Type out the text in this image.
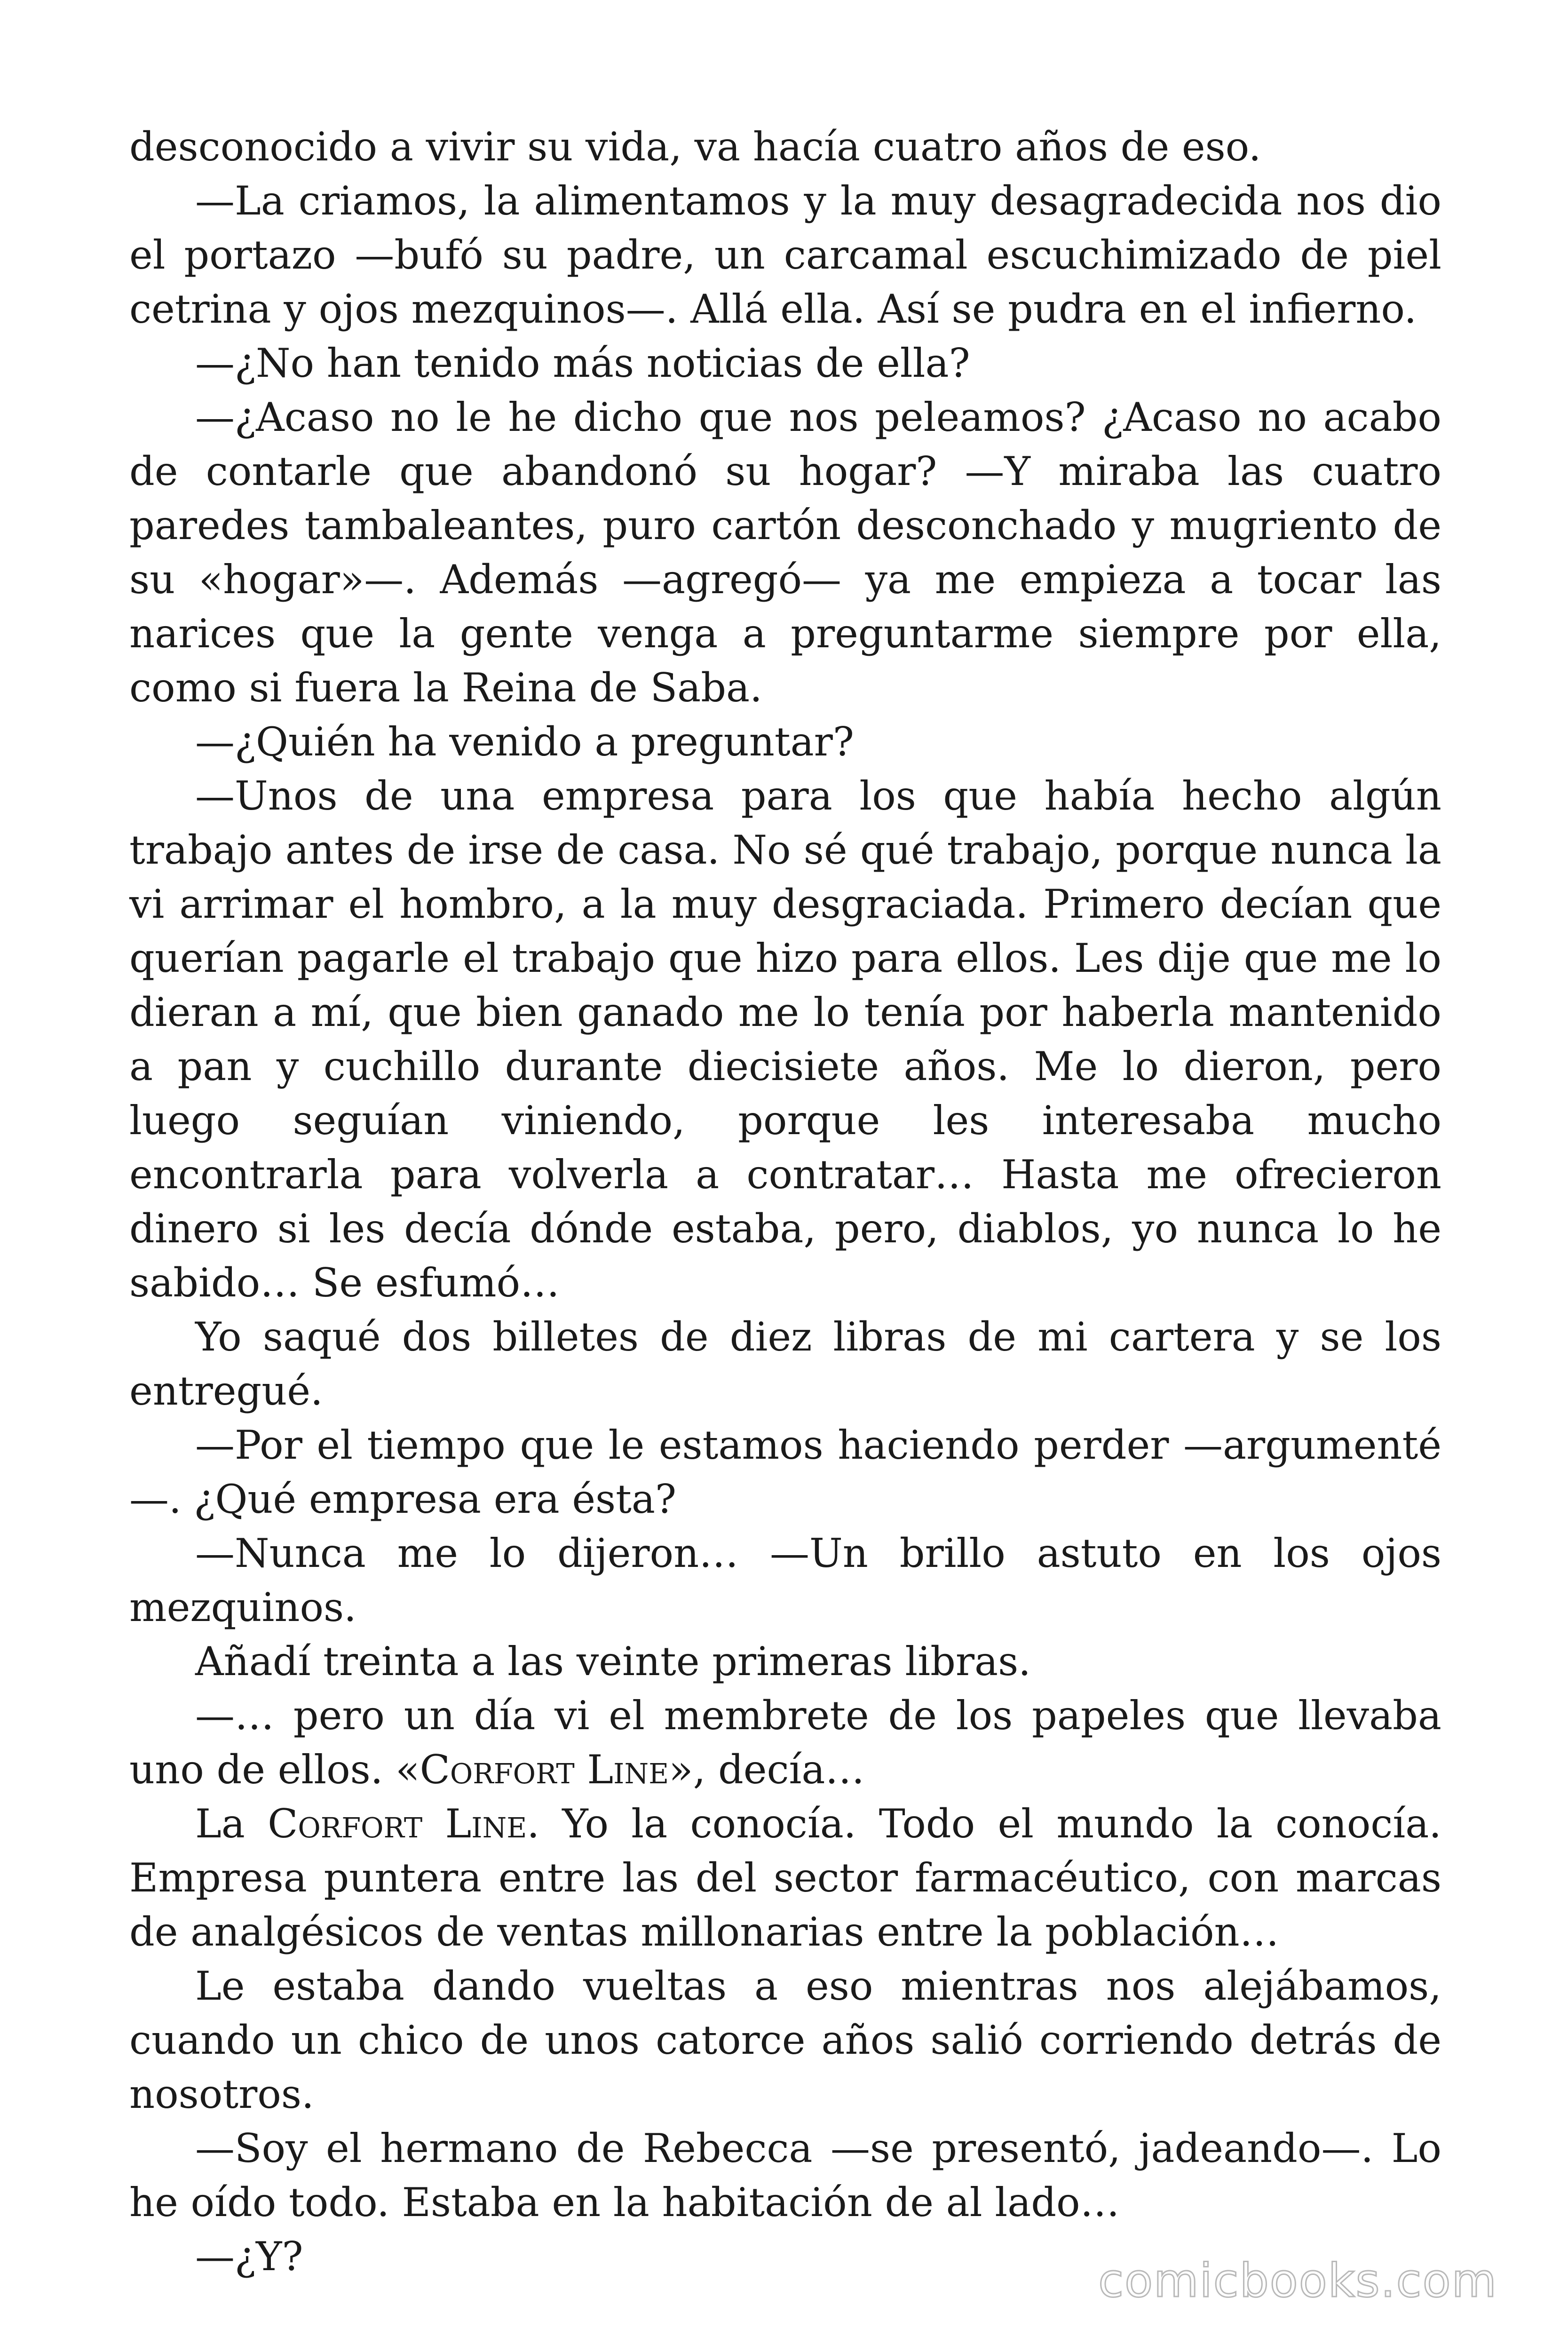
desconocido a vivir su vida, va hacía cuatro años de eso.

—La criamos, la alimentamos y la muy desagradecida nos dio el portazo —bufó su padre, un carcamal escuchimizado de piel cetrina y ojos mezquinos—. Allá ella. Así se pudra en el infierno.

—¿No han tenido más noticias de ella?

—¿Acaso no le he dicho que nos peleamos? ¿Acaso no acabo de contarle que abandonó su hogar? —Y miraba las cuatro paredes tambaleantes, puro cartón desconchado y mugriento de su «hogar»—. Además —agregó— ya me empieza a tocar las narices que la gente venga a preguntarme siempre por ella, como si fuera la Reina de Saba.

—¿Quién ha venido a preguntar?

—Unos de una empresa para los que había hecho algún trabajo antes de irse de casa. No sé qué trabajo, porque nunca la vi arrimar el hombro, a la muy desgraciada. Primero decían que querían pagarle el trabajo que hizo para ellos. Les dije que me lo dieran a mí, que bien ganado me lo tenía por haberla mantenido a pan y cuchillo durante diecisiete años. Me lo dieron, pero luego seguían viniendo, porque les interesaba mucho encontrarla para volverla a contratar… Hasta me ofrecieron dinero si les decía dónde estaba, pero, diablos, yo nunca lo he sabido… Se esfumó…

Yo saqué dos billetes de diez libras de mi cartera y se los entregué.

—Por el tiempo que le estamos haciendo perder —argumenté—. ¿Qué empresa era ésta?

—Nunca me lo dijeron… —Un brillo astuto en los ojos mezquinos.

Añadí treinta a las veinte primeras libras.

—… pero un día vi el membrete de los papeles que llevaba uno de ellos. «Corfort Line», decía…

La Corfort Line. Yo la conocía. Todo el mundo la conocía. Empresa puntera entre las del sector farmacéutico, con marcas de analgésicos de ventas millonarias entre la población…

Le estaba dando vueltas a eso mientras nos alejábamos, cuando un chico de unos catorce años salió corriendo detrás de nosotros.

—Soy el hermano de Rebecca —se presentó, jadeando—. Lo he oído todo. Estaba en la habitación de al lado…

—¿Y?	comicbooks.com
